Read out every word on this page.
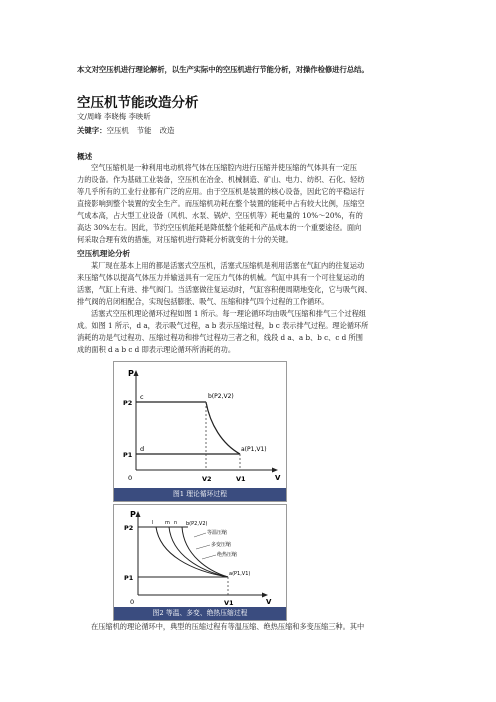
本文对空压机进行理论解析，以生产实际中的空压机进行节能分析，对操作检修进行总结。
空压机节能改造分析
文/周峰 李晓梅 李映昕
关键字：空压机 节能 改造
概述
空气压缩机是一种利用电动机将气体在压缩腔内进行压缩并使压缩的气体具有一定压
力的设备。作为基础工业装备，空压机在冶金、机械制造、矿山、电力、纺织、石化、轻纺
等几乎所有的工业行业都有广泛的应用。由于空压机是装置的核心设备，因此它的平稳运行
直接影响到整个装置的安全生产。而压缩机功耗在整个装置的能耗中占有较大比例，压缩空
气成本高，占大型工业设备（风机、水泵、锅炉、空压机等）耗电量的 10%～20%，有的
高达 30%左右。因此，节约空压机能耗是降低整个能耗和产品成本的一个重要途径。面向
何采取合理有效的措施，对压缩机进行降耗分析就变的十分的关键。
空压机理论分析
某厂现在基本上用的都是活塞式空压机，活塞式压缩机是利用活塞在气缸内的往复运动
来压缩气体以提高气体压力并输送具有一定压力气体的机械。气缸中具有一个可往复运动的
活塞，气缸上有进、排气阀门。当活塞做往复运动时，气缸容积便周期地变化，它与吸气阀、
排气阀的启闭相配合，实现包括膨胀、吸气、压缩和排气四个过程的工作循环。
活塞式空压机理论循环过程如图 1 所示。每一理论循环均由吸气压缩和排气三个过程组
成。如图 1 所示，d a，表示吸气过程，a b 表示压缩过程，b c 表示排气过程。理论循环所
消耗的功是气过程功、压缩过程功和排气过程功三者之和，线段 d a、a b、b c、c d 所围
成的面积 d a b c d 即表示理论循环所消耗的功。
P
P2
P1
0	V
V2	V1
c
d
b(P2,V2)
a(P1,V1)
图1 理论循环过程
P
P2
P1
0	V
V1
l m n b(P2,V2)
等温压缩
多变压缩
绝热压缩
a(P1,V1)
图2 等温、多变、绝热压缩过程
在压缩机的理论循环中，典型的压缩过程有等温压缩、绝热压缩和多变压缩三种。其中
